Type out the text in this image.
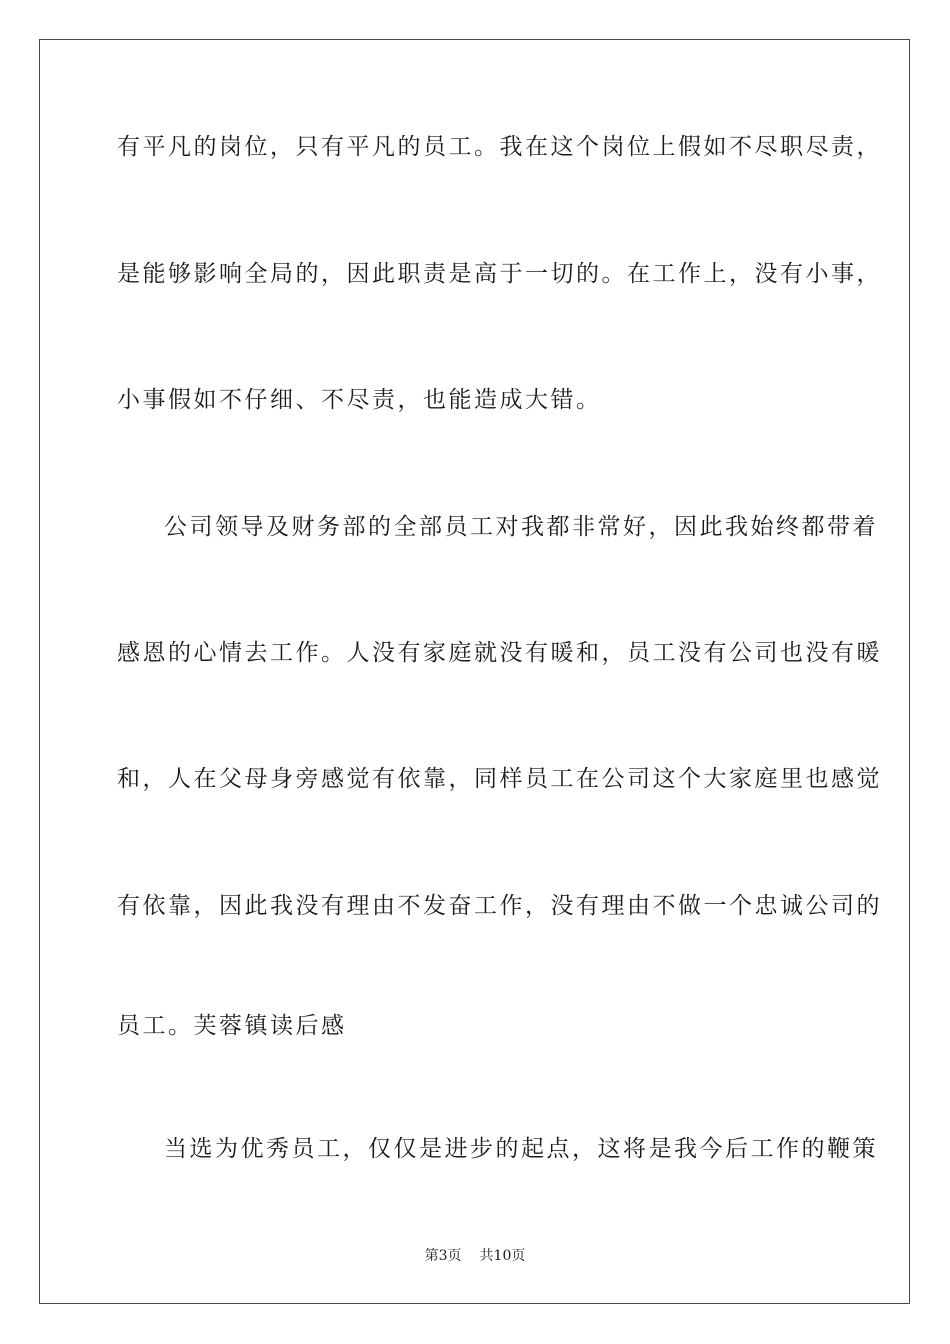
有平凡的岗位，只有平凡的员工。我在这个岗位上假如不尽职尽责，
是能够影响全局的，因此职责是高于一切的。在工作上，没有小事，
小事假如不仔细、不尽责，也能造成大错。
公司领导及财务部的全部员工对我都非常好，因此我始终都带着
感恩的心情去工作。人没有家庭就没有暖和，员工没有公司也没有暖
和，人在父母身旁感觉有依靠，同样员工在公司这个大家庭里也感觉
有依靠，因此我没有理由不发奋工作，没有理由不做一个忠诚公司的
员工。芙蓉镇读后感
当选为优秀员工，仅仅是进步的起点，这将是我今后工作的鞭策
第3页 共10页
